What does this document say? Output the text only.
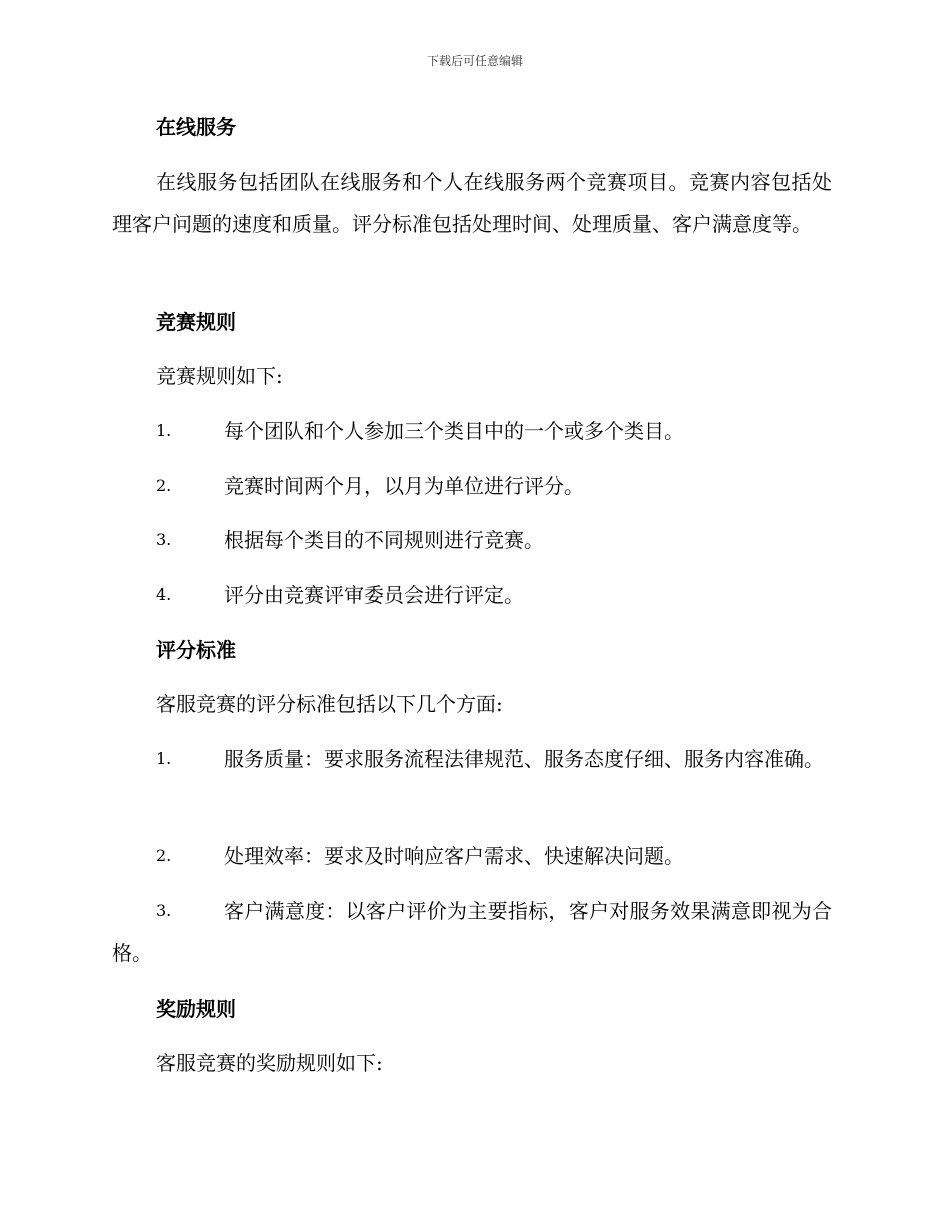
下载后可任意编辑
在线服务
在线服务包括团队在线服务和个人在线服务两个竞赛项目。竞赛内容包括处理客户问题的速度和质量。评分标准包括处理时间、处理质量、客户满意度等。
竞赛规则
竞赛规则如下:
1.	每个团队和个人参加三个类目中的一个或多个类目。
2.	竞赛时间两个月，以月为单位进行评分。
3.	根据每个类目的不同规则进行竞赛。
4.	评分由竞赛评审委员会进行评定。
评分标准
客服竞赛的评分标准包括以下几个方面:
1.	服务质量：要求服务流程法律规范、服务态度仔细、服务内容准确。
2.	处理效率：要求及时响应客户需求、快速解决问题。
3.	客户满意度：以客户评价为主要指标，客户对服务效果满意即视为合格。
奖励规则
客服竞赛的奖励规则如下:
